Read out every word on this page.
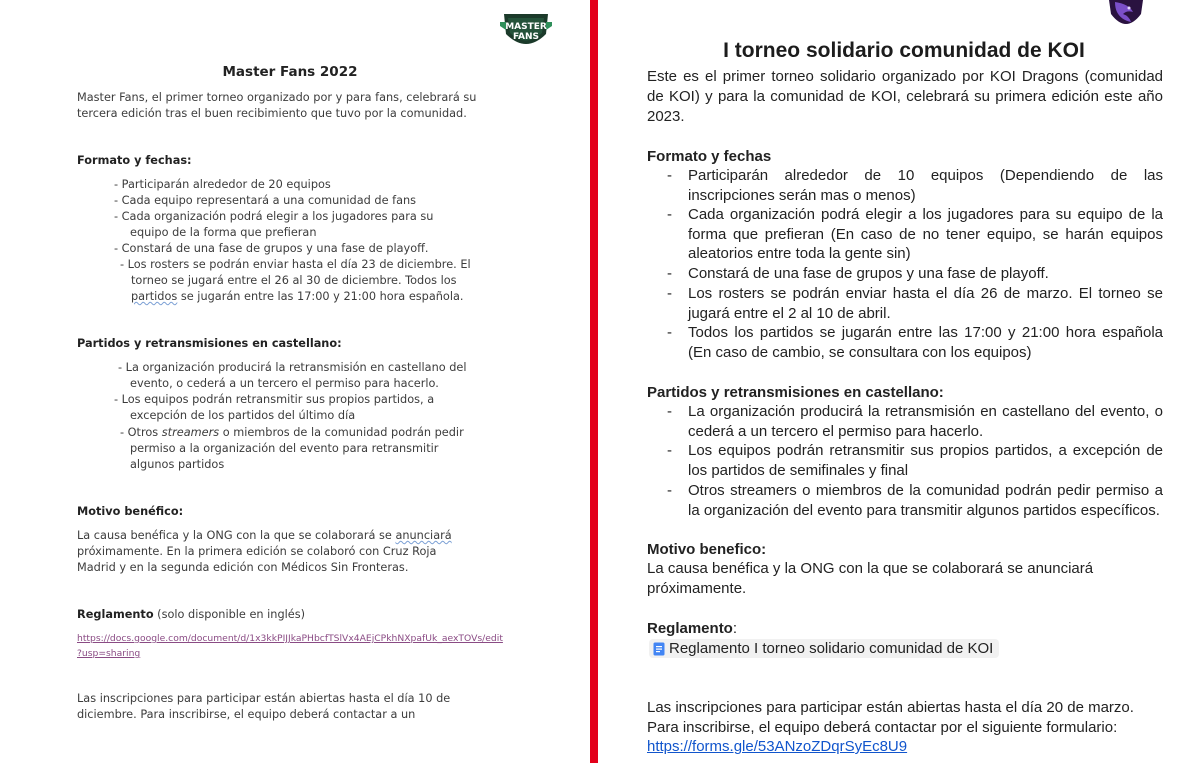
MASTER
FANS
Master Fans 2022
Master Fans, el primer torneo organizado por y para fans, celebrará su
tercera edición tras el buen recibimiento que tuvo por la comunidad.
Formato y fechas:
- Participarán alrededor de 20 equipos
- Cada equipo representará a una comunidad de fans
- Cada organización podrá elegir a los jugadores para su
equipo de la forma que prefieran
- Constará de una fase de grupos y una fase de playoff.
- Los rosters se podrán enviar hasta el día 23 de diciembre. El
torneo se jugará entre el 26 al 30 de diciembre. Todos los
partidos se jugarán entre las 17:00 y 21:00 hora española.
Partidos y retransmisiones en castellano:
- La organización producirá la retransmisión en castellano del
evento, o cederá a un tercero el permiso para hacerlo.
- Los equipos podrán retransmitir sus propios partidos, a
excepción de los partidos del último día
- Otros streamers o miembros de la comunidad podrán pedir
permiso a la organización del evento para retransmitir
algunos partidos
Motivo benéfico:
La causa benéfica y la ONG con la que se colaborará se anunciará
próximamente. En la primera edición se colaboró con Cruz Roja
Madrid y en la segunda edición con Médicos Sin Fronteras.
Reglamento (solo disponible en inglés)
https://docs.google.com/document/d/1x3kkPIJJkaPHbcfTSlVx4AEjCPkhNXpafUk_aexTOVs/edit
?usp=sharing
Las inscripciones para participar están abiertas hasta el día 10 de
diciembre. Para inscribirse, el equipo deberá contactar a un
I torneo solidario comunidad de KOI
Este es el primer torneo solidario organizado por KOI Dragons (comunidad de KOI) y para la comunidad de KOI, celebrará su primera edición este año 2023.
Formato y fechas
- Participarán alrededor de 10 equipos (Dependiendo de las inscripciones serán mas o menos)
- Cada organización podrá elegir a los jugadores para su equipo de la forma que prefieran (En caso de no tener equipo, se harán equipos aleatorios entre toda la gente sin)
- Constará de una fase de grupos y una fase de playoff.
- Los rosters se podrán enviar hasta el día 26 de marzo. El torneo se jugará entre el 2 al 10 de abril.
- Todos los partidos se jugarán entre las 17:00 y 21:00 hora española (En caso de cambio, se consultara con los equipos)
Partidos y retransmisiones en castellano:
- La organización producirá la retransmisión en castellano del evento, o cederá a un tercero el permiso para hacerlo.
- Los equipos podrán retransmitir sus propios partidos, a excepción de los partidos de semifinales y final
- Otros streamers o miembros de la comunidad podrán pedir permiso a la organización del evento para transmitir algunos partidos específicos.
Motivo benefico:
La causa benéfica y la ONG con la que se colaborará se anunciará próximamente.
Reglamento:
Reglamento I torneo solidario comunidad de KOI
Las inscripciones para participar están abiertas hasta el día 20 de marzo.
Para inscribirse, el equipo deberá contactar por el siguiente formulario:
https://forms.gle/53ANzoZDqrSyEc8U9
